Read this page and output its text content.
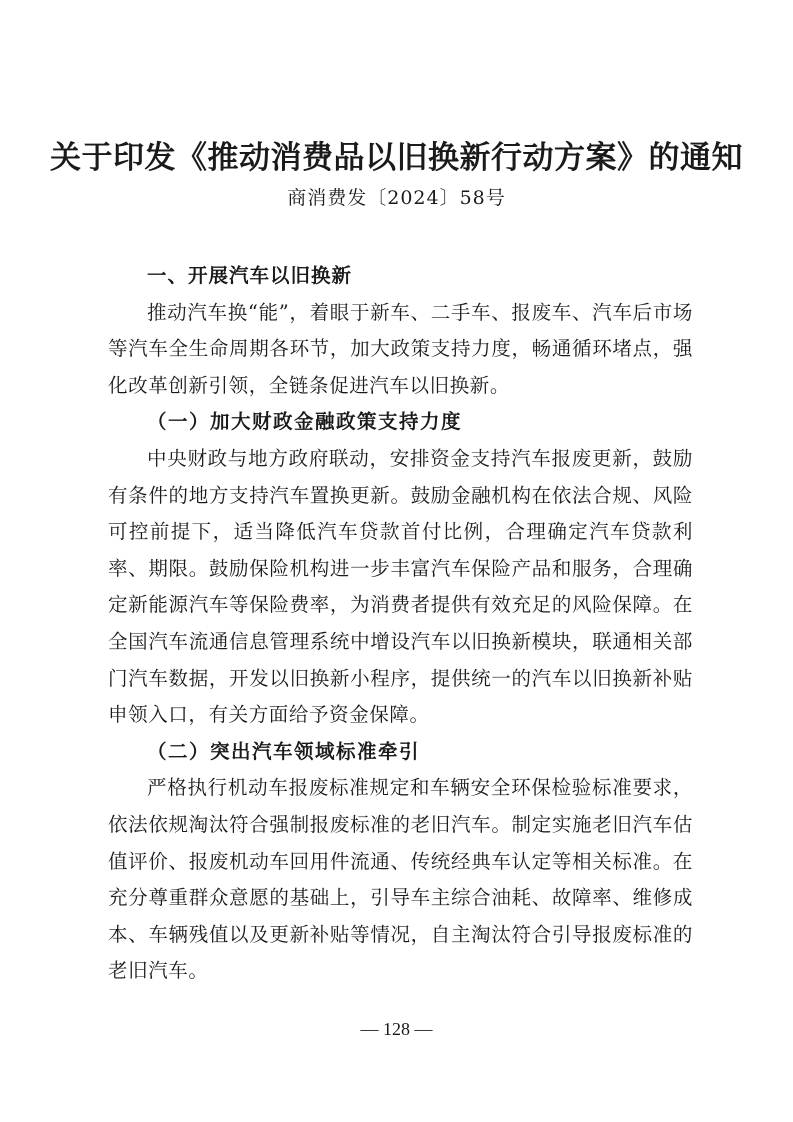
关于印发《推动消费品以旧换新行动方案》的通知
商消费发〔2024〕58号
一、开展汽车以旧换新
推动汽车换“能”，着眼于新车、二手车、报废车、汽车后市场等汽车全生命周期各环节，加大政策支持力度，畅通循环堵点，强化改革创新引领，全链条促进汽车以旧换新。
（一）加大财政金融政策支持力度
中央财政与地方政府联动，安排资金支持汽车报废更新，鼓励有条件的地方支持汽车置换更新。鼓励金融机构在依法合规、风险可控前提下，适当降低汽车贷款首付比例，合理确定汽车贷款利率、期限。鼓励保险机构进一步丰富汽车保险产品和服务，合理确定新能源汽车等保险费率，为消费者提供有效充足的风险保障。在全国汽车流通信息管理系统中增设汽车以旧换新模块，联通相关部门汽车数据，开发以旧换新小程序，提供统一的汽车以旧换新补贴申领入口，有关方面给予资金保障。
（二）突出汽车领域标准牵引
严格执行机动车报废标准规定和车辆安全环保检验标准要求，依法依规淘汰符合强制报废标准的老旧汽车。制定实施老旧汽车估值评价、报废机动车回用件流通、传统经典车认定等相关标准。在充分尊重群众意愿的基础上，引导车主综合油耗、故障率、维修成本、车辆残值以及更新补贴等情况，自主淘汰符合引导报废标准的老旧汽车。
— 128 —
